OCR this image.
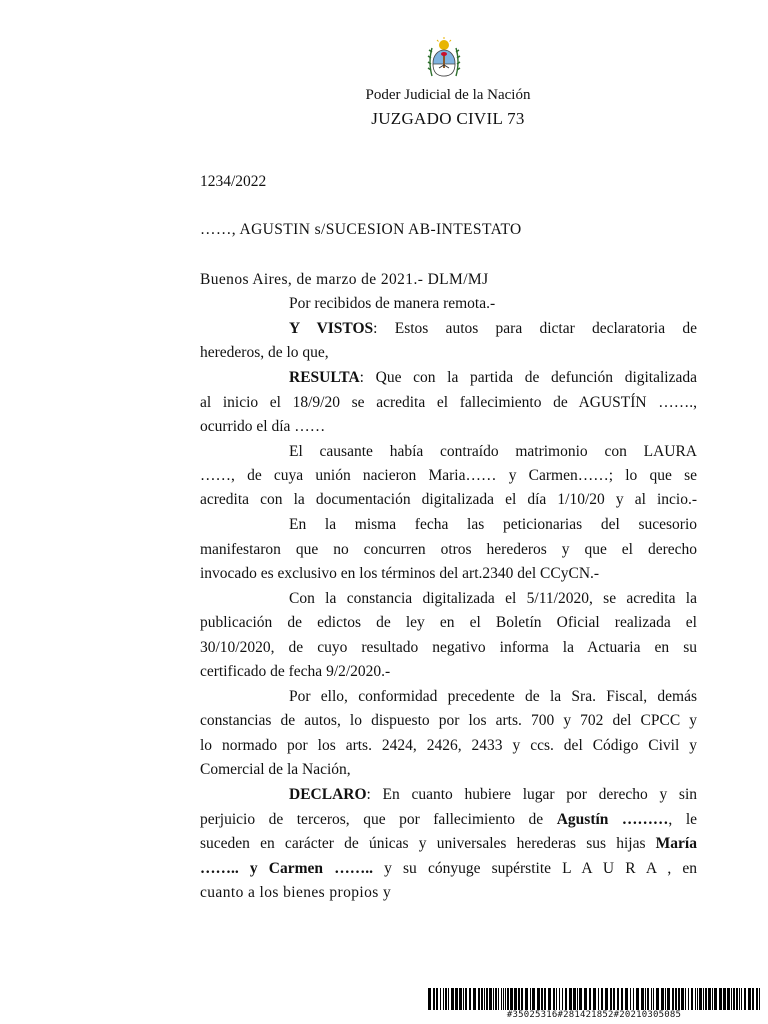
Poder Judicial de la Nación
JUZGADO CIVIL 73
1234/2022
……, AGUSTIN s/SUCESION AB-INTESTATO
Buenos Aires, de marzo de 2021.- DLM/MJ
Por recibidos de manera remota.-
Y VISTOS: Estos autos para dictar declaratoria de
herederos, de lo que,
RESULTA: Que con la partida de defunción digitalizada
al inicio el 18/9/20 se acredita el fallecimiento de AGUSTÍN …….,
ocurrido el día ……
El causante había contraído matrimonio con LAURA
……, de cuya unión nacieron Maria…… y Carmen……; lo que se
acredita con la documentación digitalizada el día 1/10/20 y al incio.-
En la misma fecha las peticionarias del sucesorio
manifestaron que no concurren otros herederos y que el derecho
invocado es exclusivo en los términos del art.2340 del CCyCN.-
Con la constancia digitalizada el 5/11/2020, se acredita la
publicación de edictos de ley en el Boletín Oficial realizada el
30/10/2020, de cuyo resultado negativo informa la Actuaria en su
certificado de fecha 9/2/2020.-
Por ello, conformidad precedente de la Sra. Fiscal, demás
constancias de autos, lo dispuesto por los arts. 700 y 702 del CPCC y
lo normado por los arts. 2424, 2426, 2433 y ccs. del Código Civil y
Comercial de la Nación,
DECLARO: En cuanto hubiere lugar por derecho y sin
perjuicio de terceros, que por fallecimiento de Agustín ………, le
suceden en carácter de únicas y universales herederas sus hijas María
…….. y Carmen …….. y su cónyuge supérstite L A U R A , en
cuanto a los bienes propios y
#35025316#281421852#20210305085
